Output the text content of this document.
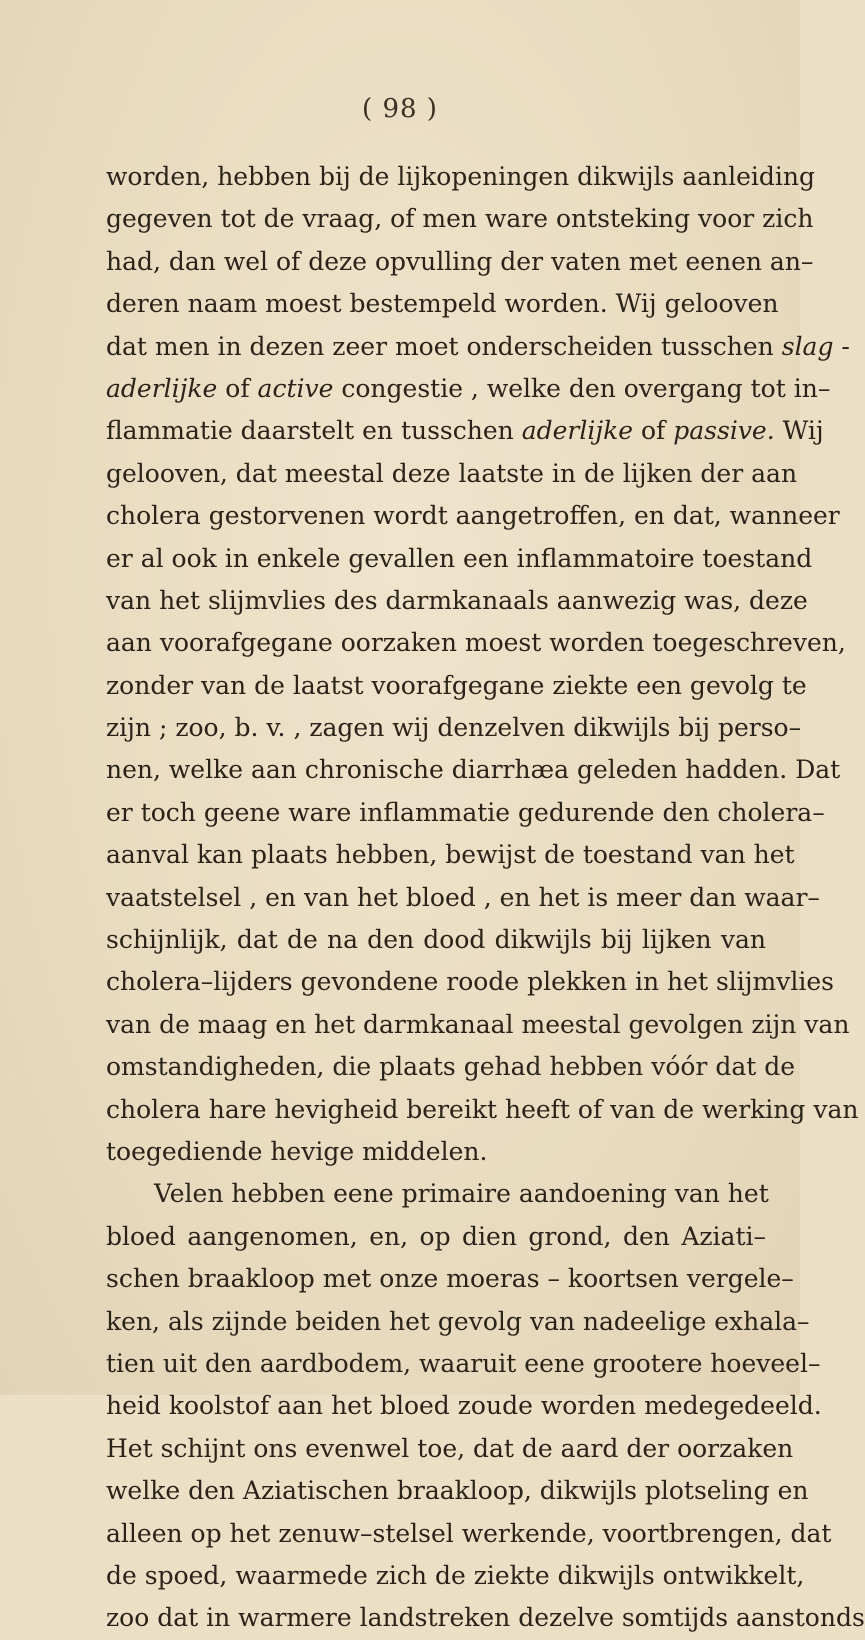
( 98 )
worden, hebben bij de lijkopeningen dikwijls aanleiding
gegeven tot de vraag, of men ware ontsteking voor zich
had, dan wel of deze opvulling der vaten met eenen an–
deren naam moest bestempeld worden. Wij gelooven
dat men in dezen zeer moet onderscheiden tusschen slag -
aderlijke of active congestie , welke den overgang tot in–
flammatie daarstelt en tusschen aderlijke of passive. Wij
gelooven, dat meestal deze laatste in de lijken der aan
cholera gestorvenen wordt aangetroffen, en dat, wanneer
er al ook in enkele gevallen een inflammatoire toestand
van het slijmvlies des darmkanaals aanwezig was, deze
aan voorafgegane oorzaken moest worden toegeschreven,
zonder van de laatst voorafgegane ziekte een gevolg te
zijn ; zoo, b. v. , zagen wij denzelven dikwijls bij perso–
nen, welke aan chronische diarrhæa geleden hadden. Dat
er toch geene ware inflammatie gedurende den cholera–
aanval kan plaats hebben, bewijst de toestand van het
vaatstelsel , en van het bloed , en het is meer dan waar–
schijnlijk, dat de na den dood dikwijls bij lijken van
cholera–lijders gevondene roode plekken in het slijmvlies
van de maag en het darmkanaal meestal gevolgen zijn van
omstandigheden, die plaats gehad hebben vóór dat de
cholera hare hevigheid bereikt heeft of van de werking van
toegediende hevige middelen.
Velen hebben eene primaire aandoening van het
bloed aangenomen, en, op dien grond, den Aziati–
schen braakloop met onze moeras – koortsen vergele–
ken, als zijnde beiden het gevolg van nadeelige exhala–
tien uit den aardbodem, waaruit eene grootere hoeveel–
heid koolstof aan het bloed zoude worden medegedeeld.
Het schijnt ons evenwel toe, dat de aard der oorzaken
welke den Aziatischen braakloop, dikwijls plotseling en
alleen op het zenuw–stelsel werkende, voortbrengen, dat
de spoed, waarmede zich de ziekte dikwijls ontwikkelt,
zoo dat in warmere landstreken dezelve somtijds aanstonds
